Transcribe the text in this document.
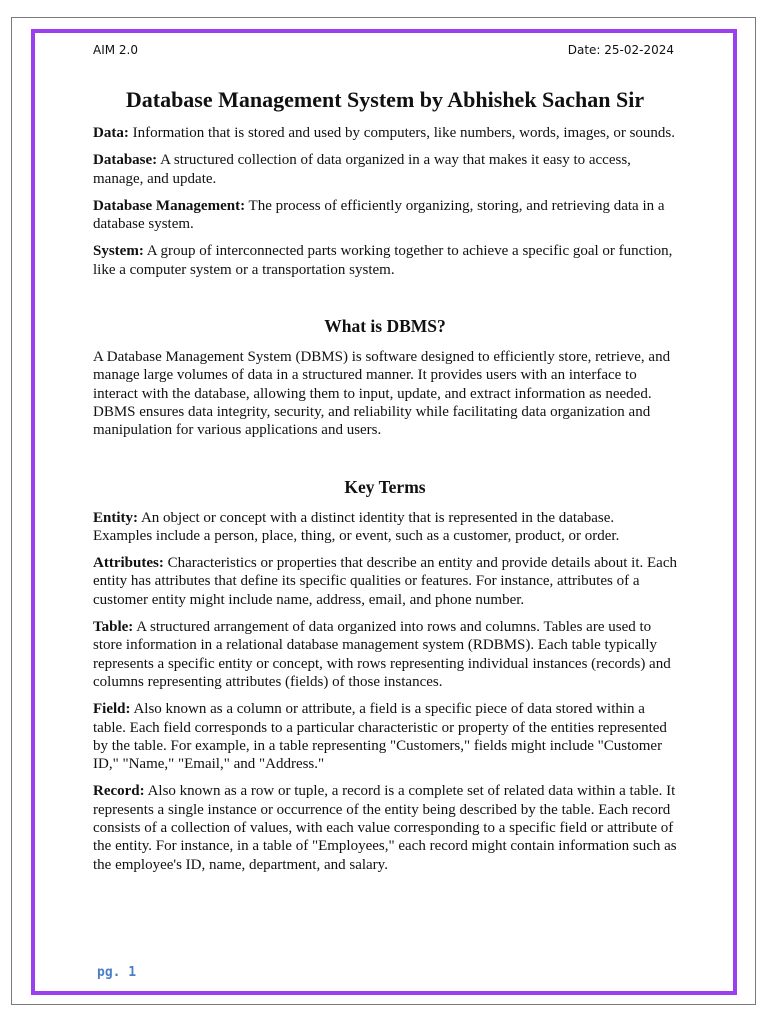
AIM 2.0	Date: 25-02-2024
Database Management System by Abhishek Sachan Sir

Data: Information that is stored and used by computers, like numbers, words, images, or sounds.

Database: A structured collection of data organized in a way that makes it easy to access, manage, and update.

Database Management: The process of efficiently organizing, storing, and retrieving data in a database system.

System: A group of interconnected parts working together to achieve a specific goal or function, like a computer system or a transportation system.

What is DBMS?

A Database Management System (DBMS) is software designed to efficiently store, retrieve, and manage large volumes of data in a structured manner. It provides users with an interface to interact with the database, allowing them to input, update, and extract information as needed. DBMS ensures data integrity, security, and reliability while facilitating data organization and manipulation for various applications and users.

Key Terms

Entity: An object or concept with a distinct identity that is represented in the database. Examples include a person, place, thing, or event, such as a customer, product, or order.

Attributes: Characteristics or properties that describe an entity and provide details about it. Each entity has attributes that define its specific qualities or features. For instance, attributes of a customer entity might include name, address, email, and phone number.

Table: A structured arrangement of data organized into rows and columns. Tables are used to store information in a relational database management system (RDBMS). Each table typically represents a specific entity or concept, with rows representing individual instances (records) and columns representing attributes (fields) of those instances.

Field: Also known as a column or attribute, a field is a specific piece of data stored within a table. Each field corresponds to a particular characteristic or property of the entities represented by the table. For example, in a table representing "Customers," fields might include "Customer ID," "Name," "Email," and "Address."

Record: Also known as a row or tuple, a record is a complete set of related data within a table. It represents a single instance or occurrence of the entity being described by the table. Each record consists of a collection of values, with each value corresponding to a specific field or attribute of the entity. For instance, in a table of "Employees," each record might contain information such as the employee's ID, name, department, and salary.

pg. 1
